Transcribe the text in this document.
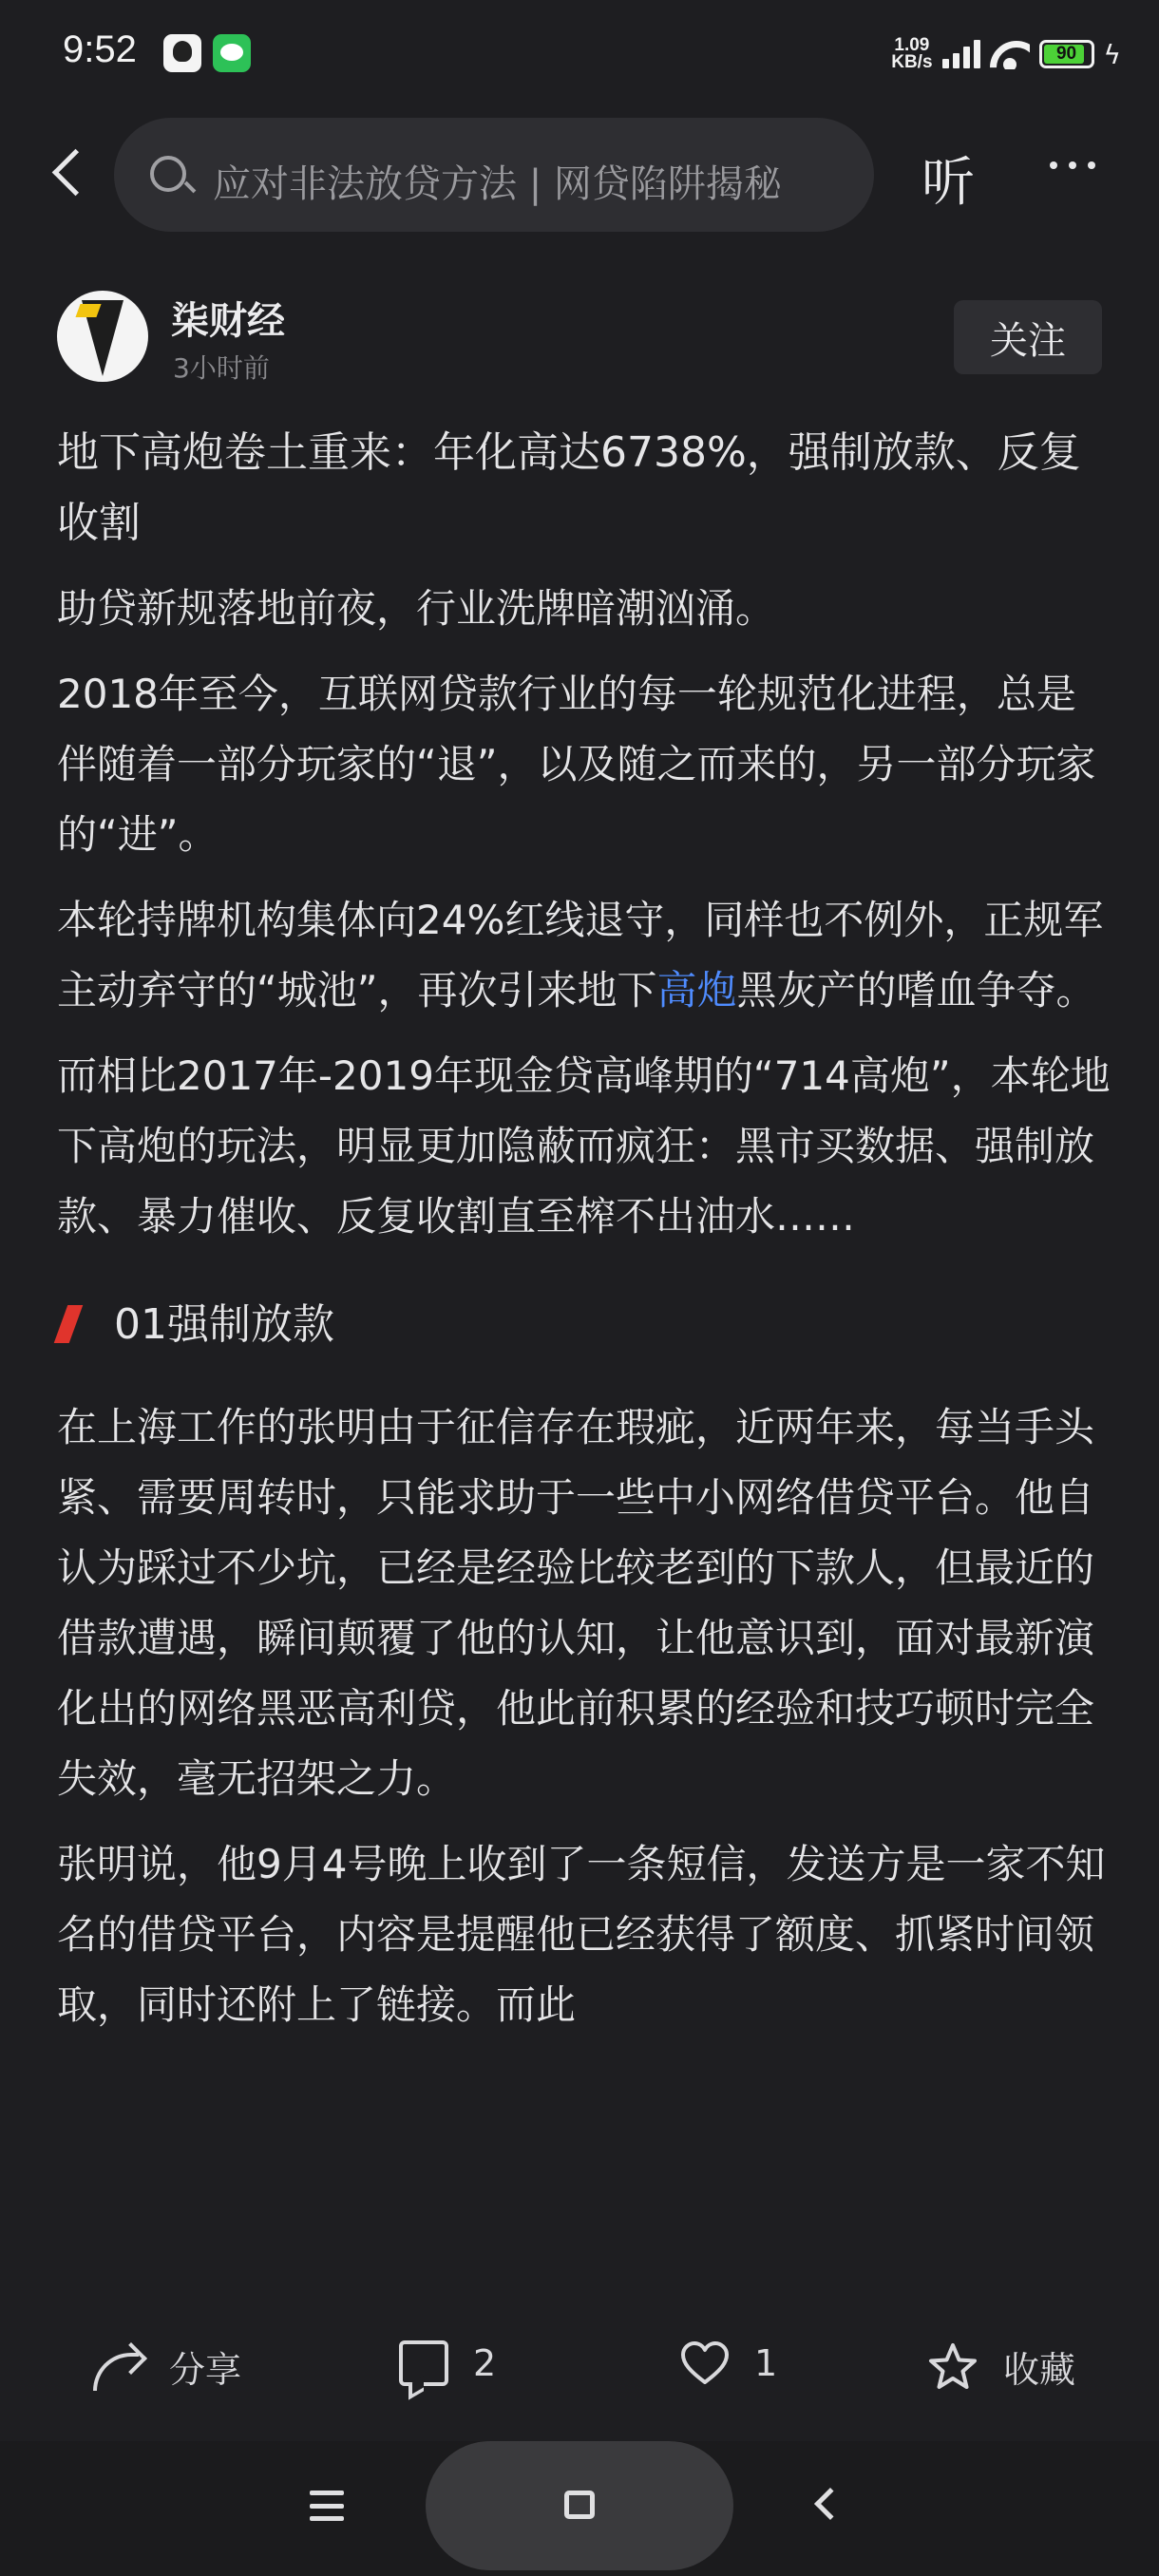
9:52	1.09
KB/s	90 ϟ
应对非法放贷方法 | 网贷陷阱揭秘	听
柒财经
3小时前
关注

地下高炮卷土重来：年化高达6738%，强制放款、反复收割

助贷新规落地前夜，行业洗牌暗潮汹涌。

2018年至今，互联网贷款行业的每一轮规范化进程，总是伴随着一部分玩家的“退”，以及随之而来的，另一部分玩家的“进”。

本轮持牌机构集体向24%红线退守，同样也不例外，正规军主动弃守的“城池”，再次引来地下高炮黑灰产的嗜血争夺。

而相比2017年-2019年现金贷高峰期的“714高炮”，本轮地下高炮的玩法，明显更加隐蔽而疯狂：黑市买数据、强制放款、暴力催收、反复收割直至榨不出油水……

01强制放款

在上海工作的张明由于征信存在瑕疵，近两年来，每当手头紧、需要周转时，只能求助于一些中小网络借贷平台。他自认为踩过不少坑，已经是经验比较老到的下款人，但最近的借款遭遇，瞬间颠覆了他的认知，让他意识到，面对最新演化出的网络黑恶高利贷，他此前积累的经验和技巧顿时完全失效，毫无招架之力。

张明说，他9月4号晚上收到了一条短信，发送方是一家不知名的借贷平台，内容是提醒他已经获得了额度、抓紧时间领取，同时还附上了链接。而此

分享	2	1	收藏
